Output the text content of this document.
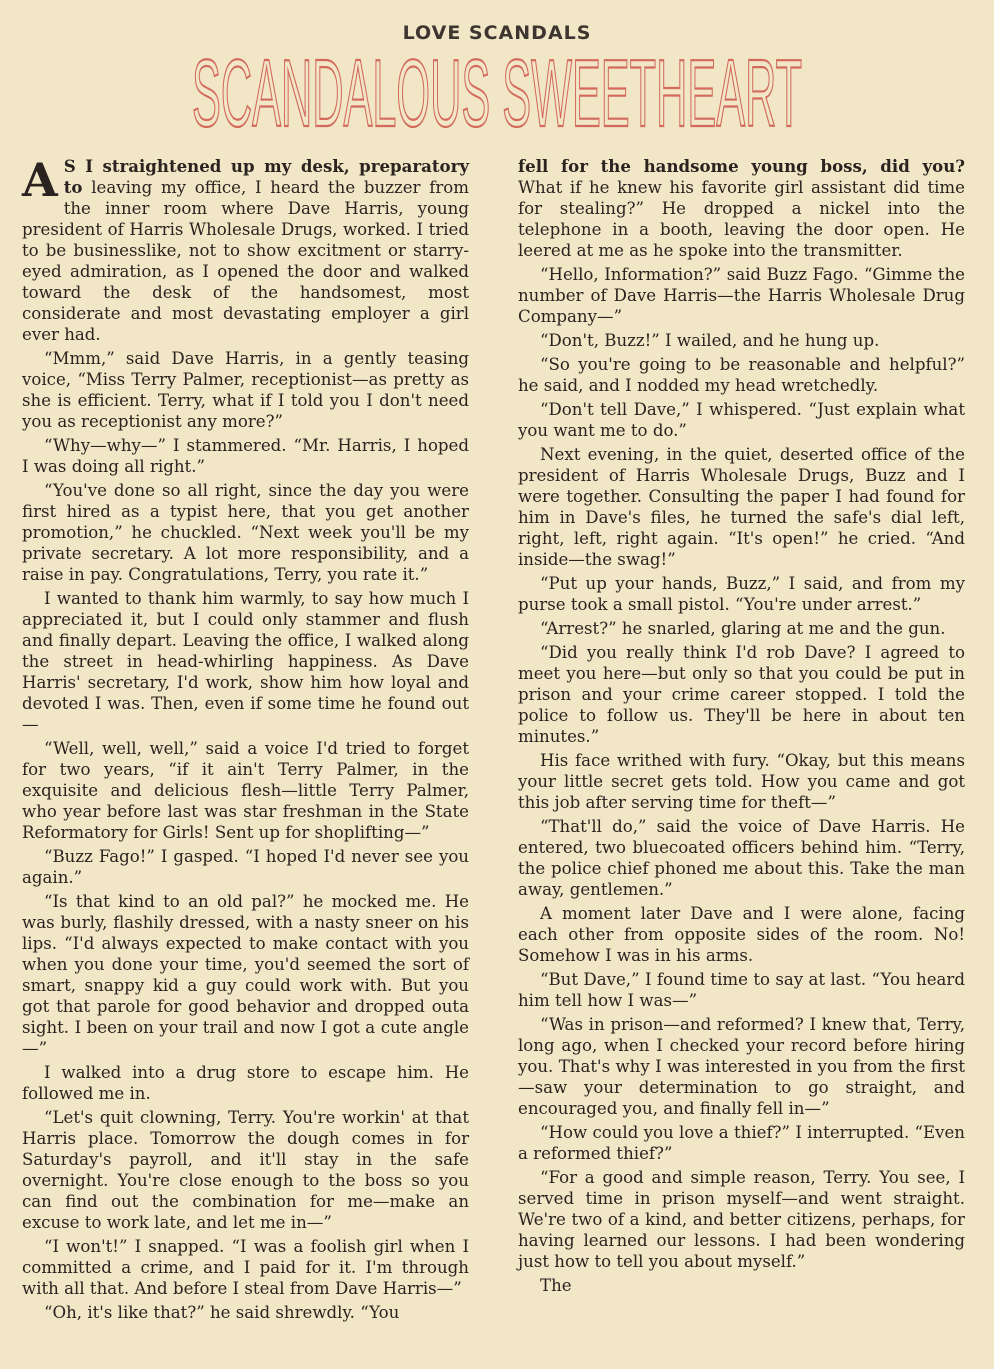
LOVE SCANDALS
SCANDALOUS SWEETHEART

A S I straightened up my desk, preparatory to leaving my office, I heard the buzzer from the inner room where Dave Harris, young president of Harris Wholesale Drugs, worked. I tried to be businesslike, not to show excitment or starry-eyed admiration, as I opened the door and walked toward the desk of the handsomest, most considerate and most devastating employer a girl ever had.

“Mmm,” said Dave Harris, in a gently teasing voice, “Miss Terry Palmer, receptionist—as pretty as she is efficient. Terry, what if I told you I don't need you as receptionist any more?”

“Why—why—” I stammered. “Mr. Harris, I hoped I was doing all right.”

“You've done so all right, since the day you were first hired as a typist here, that you get another promotion,” he chuckled. “Next week you'll be my private secretary. A lot more responsibility, and a raise in pay. Congratulations, Terry, you rate it.”

I wanted to thank him warmly, to say how much I appreciated it, but I could only stammer and flush and finally depart. Leaving the office, I walked along the street in head-whirling happiness. As Dave Harris' secretary, I'd work, show him how loyal and devoted I was. Then, even if some time he found out—

“Well, well, well,” said a voice I'd tried to forget for two years, “if it ain't Terry Palmer, in the exquisite and delicious flesh—little Terry Palmer, who year before last was star freshman in the State Reformatory for Girls! Sent up for shoplifting—”

“Buzz Fago!” I gasped. “I hoped I'd never see you again.”

“Is that kind to an old pal?” he mocked me. He was burly, flashily dressed, with a nasty sneer on his lips. “I'd always expected to make contact with you when you done your time, you'd seemed the sort of smart, snappy kid a guy could work with. But you got that parole for good behavior and dropped outa sight. I been on your trail and now I got a cute angle—”

I walked into a drug store to escape him. He followed me in.

“Let's quit clowning, Terry. You're workin' at that Harris place. Tomorrow the dough comes in for Saturday's payroll, and it'll stay in the safe overnight. You're close enough to the boss so you can find out the combination for me—make an excuse to work late, and let me in—”

“I won't!” I snapped. “I was a foolish girl when I committed a crime, and I paid for it. I'm through with all that. And before I steal from Dave Harris—”

“Oh, it's like that?” he said shrewdly. “You

fell for the handsome young boss, did you? What if he knew his favorite girl assistant did time for stealing?” He dropped a nickel into the telephone in a booth, leaving the door open. He leered at me as he spoke into the transmitter.

“Hello, Information?” said Buzz Fago. “Gimme the number of Dave Harris—the Harris Wholesale Drug Company—”

“Don't, Buzz!” I wailed, and he hung up.

“So you're going to be reasonable and helpful?” he said, and I nodded my head wretchedly.

“Don't tell Dave,” I whispered. “Just explain what you want me to do.”

Next evening, in the quiet, deserted office of the president of Harris Wholesale Drugs, Buzz and I were together. Consulting the paper I had found for him in Dave's files, he turned the safe's dial left, right, left, right again. “It's open!” he cried. “And inside—the swag!”

“Put up your hands, Buzz,” I said, and from my purse took a small pistol. “You're under arrest.”

“Arrest?” he snarled, glaring at me and the gun.

“Did you really think I'd rob Dave? I agreed to meet you here—but only so that you could be put in prison and your crime career stopped. I told the police to follow us. They'll be here in about ten minutes.”

His face writhed with fury. “Okay, but this means your little secret gets told. How you came and got this job after serving time for theft—”

“That'll do,” said the voice of Dave Harris. He entered, two bluecoated officers behind him. “Terry, the police chief phoned me about this. Take the man away, gentlemen.”

A moment later Dave and I were alone, facing each other from opposite sides of the room. No! Somehow I was in his arms.

“But Dave,” I found time to say at last. “You heard him tell how I was—”

“Was in prison—and reformed? I knew that, Terry, long ago, when I checked your record before hiring you. That's why I was interested in you from the first—saw your determination to go straight, and encouraged you, and finally fell in—”

“How could you love a thief?” I interrupted. “Even a reformed thief?”

“For a good and simple reason, Terry. You see, I served time in prison myself—and went straight. We're two of a kind, and better citizens, perhaps, for having learned our lessons. I had been wondering just how to tell you about myself.”

The
